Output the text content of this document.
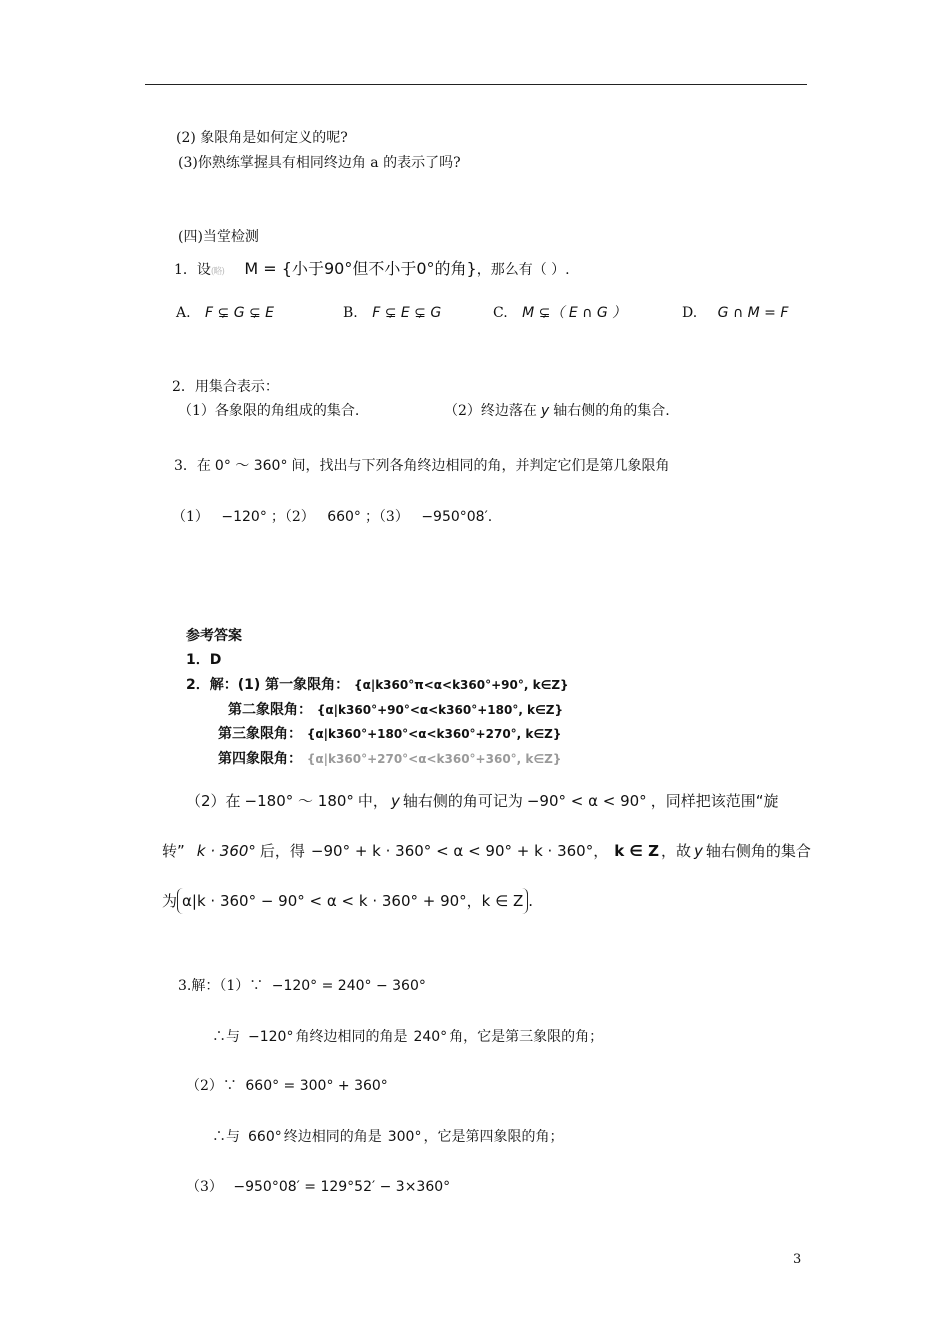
(2) 象限角是如何定义的呢?
(3)你熟练掌握具有相同终边角 a 的表示了吗?
(四)当堂检测
1．设(略) M = {小于90°但不小于0°的角}，那么有（ ）.
A. F ⊊ G ⊊ E	B. F ⊊ E ⊊ G	C. M ⊊（ E ∩ G ）	D. G ∩ M = F
2．用集合表示：
（1）各象限的角组成的集合.	（2）终边落在 y 轴右侧的角的集合.
3．在 0° ～ 360° 间，找出与下列各角终边相同的角，并判定它们是第几象限角
（1） −120° ；（2） 660° ；（3） −950°08′.
参考答案
1．D
2．解：(1) 第一象限角： {α|k360°π<α<k360°+90°, k∈Z}
第二象限角： {α|k360°+90°<α<k360°+180°, k∈Z}
第三象限角： {α|k360°+180°<α<k360°+270°, k∈Z}
第四象限角： {α|k360°+270°<α<k360°+360°, k∈Z}
（2）在 −180° ～ 180° 中， y 轴右侧的角可记为 −90° < α < 90° ，同样把该范围“旋
转” k · 360° 后，得 −90° + k · 360° < α < 90° + k · 360°， k ∈ Z ，故 y 轴右侧角的集合
为 α|k · 360° − 90° < α < k · 360° + 90°，k ∈ Z .
3.解：（1）∵ −120° = 240° − 360°
∴与 −120° 角终边相同的角是 240° 角，它是第三象限的角；
（2）∵ 660° = 300° + 360°
∴与 660° 终边相同的角是 300° ，它是第四象限的角；
（3） −950°08′ = 129°52′ − 3×360°
3
